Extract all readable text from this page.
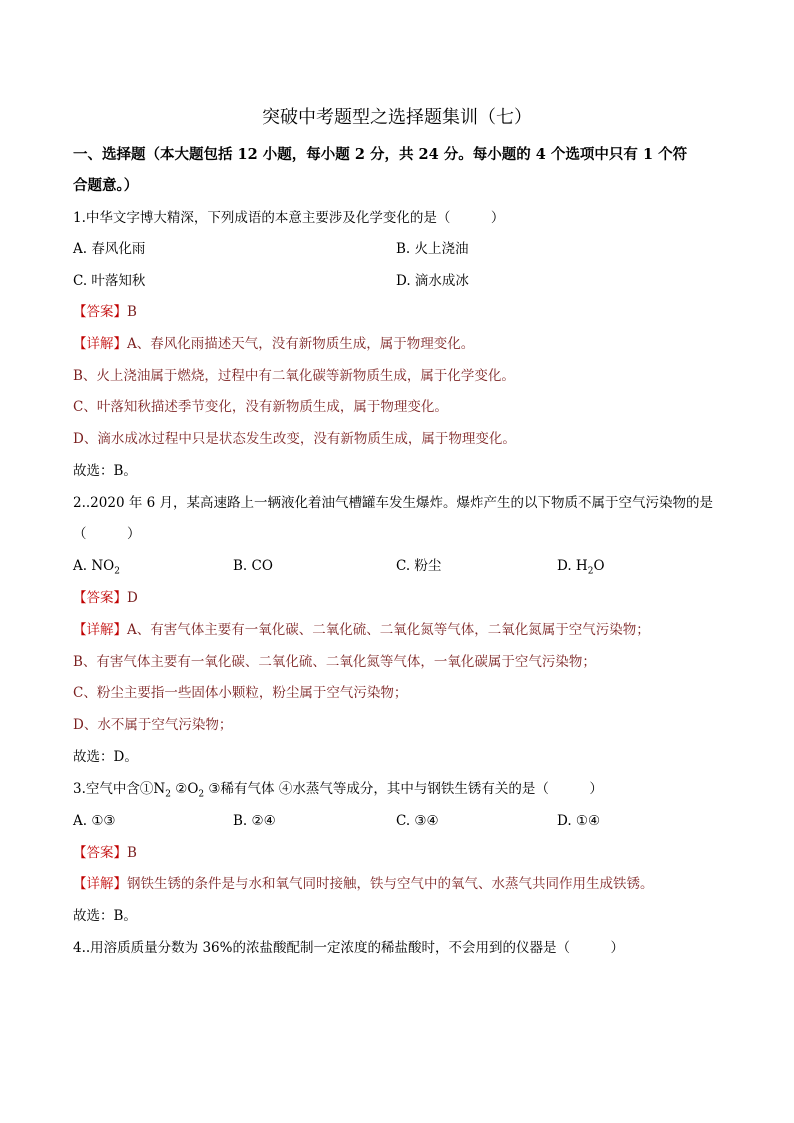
突破中考题型之选择题集训（七）
一、选择题（本大题包括 12 小题，每小题 2 分，共 24 分。每小题的 4 个选项中只有 1 个符
合题意。）
1.中华文字博大精深，下列成语的本意主要涉及化学变化的是（　　　）
A. 春风化雨	B. 火上浇油
C. 叶落知秋	D. 滴水成冰
【答案】B
【详解】A、春风化雨描述天气，没有新物质生成，属于物理变化。
B、火上浇油属于燃烧，过程中有二氧化碳等新物质生成，属于化学变化。
C、叶落知秋描述季节变化，没有新物质生成，属于物理变化。
D、滴水成冰过程中只是状态发生改变，没有新物质生成，属于物理变化。
故选：B。
2..2020 年 6 月，某高速路上一辆液化着油气槽罐车发生爆炸。爆炸产生的以下物质不属于空气污染物的是
（　　　）
A. $NO_2$	B. CO	C. 粉尘	D. $H_2O$
【答案】D
【详解】A、有害气体主要有一氧化碳、二氧化硫、二氧化氮等气体，二氧化氮属于空气污染物；
B、有害气体主要有一氧化碳、二氧化硫、二氧化氮等气体，一氧化碳属于空气污染物；
C、粉尘主要指一些固体小颗粒，粉尘属于空气污染物；
D、水不属于空气污染物；
故选：D。
3.空气中含$①N_2$ $②O_2$ ③稀有气体 ④水蒸气等成分，其中与钢铁生锈有关的是（　　　）
A. ①③	B. ②④	C. ③④	D. ①④
【答案】B
【详解】钢铁生锈的条件是与水和氧气同时接触，铁与空气中的氧气、水蒸气共同作用生成铁锈。
故选：B。
4..用溶质质量分数为 36%的浓盐酸配制一定浓度的稀盐酸时，不会用到的仪器是（　　　）
